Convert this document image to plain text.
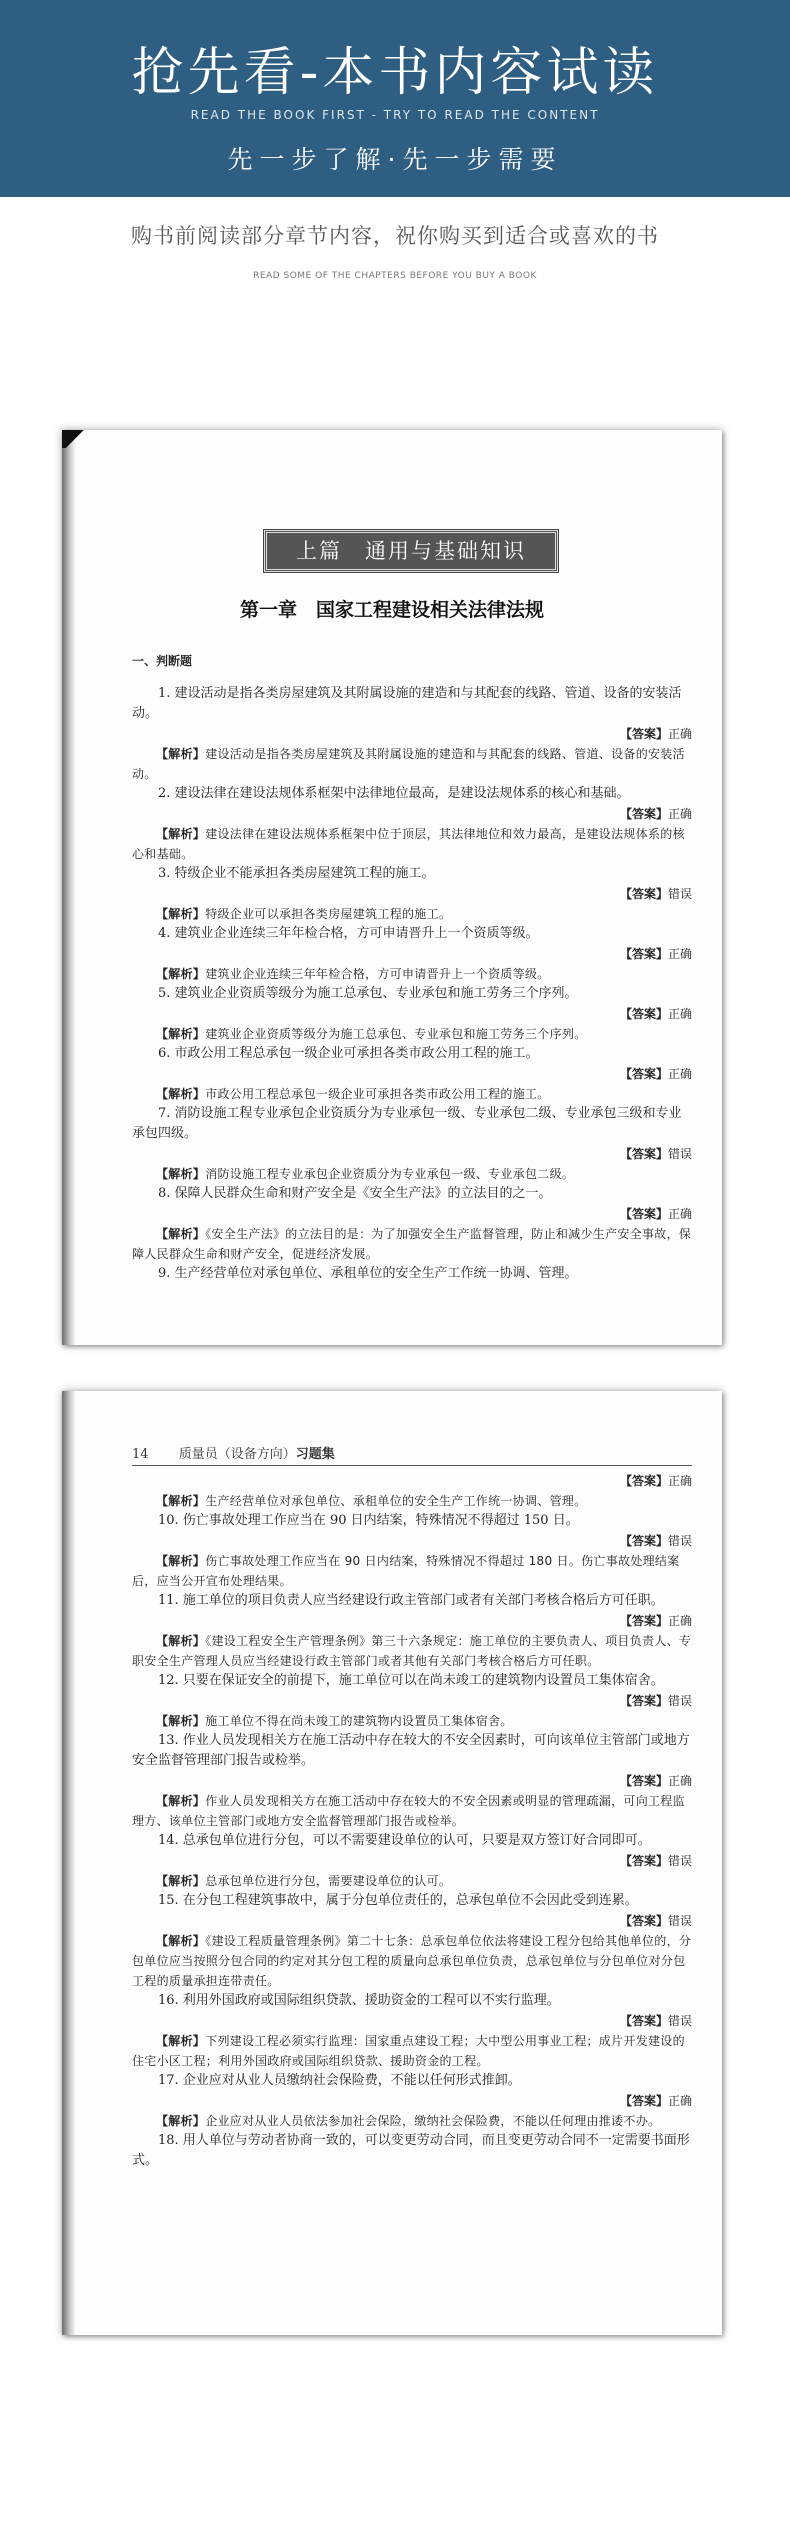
抢先看-本书内容试读
READ THE BOOK FIRST - TRY TO READ THE CONTENT
先一步了解·先一步需要
购书前阅读部分章节内容，祝你购买到适合或喜欢的书
READ SOME OF THE CHAPTERS BEFORE YOU BUY A BOOK
上篇　通用与基础知识
第一章　国家工程建设相关法律法规
一、判断题

1. 建设活动是指各类房屋建筑及其附属设施的建造和与其配套的线路、管道、设备的安装活动。

【答案】正确

【解析】建设活动是指各类房屋建筑及其附属设施的建造和与其配套的线路、管道、设备的安装活动。

2. 建设法律在建设法规体系框架中法律地位最高，是建设法规体系的核心和基础。

【答案】正确

【解析】建设法律在建设法规体系框架中位于顶层，其法律地位和效力最高，是建设法规体系的核心和基础。

3. 特级企业不能承担各类房屋建筑工程的施工。

【答案】错误

【解析】特级企业可以承担各类房屋建筑工程的施工。

4. 建筑业企业连续三年年检合格，方可申请晋升上一个资质等级。

【答案】正确

【解析】建筑业企业连续三年年检合格，方可申请晋升上一个资质等级。

5. 建筑业企业资质等级分为施工总承包、专业承包和施工劳务三个序列。

【答案】正确

【解析】建筑业企业资质等级分为施工总承包、专业承包和施工劳务三个序列。

6. 市政公用工程总承包一级企业可承担各类市政公用工程的施工。

【答案】正确

【解析】市政公用工程总承包一级企业可承担各类市政公用工程的施工。

7. 消防设施工程专业承包企业资质分为专业承包一级、专业承包二级、专业承包三级和专业承包四级。

【答案】错误

【解析】消防设施工程专业承包企业资质分为专业承包一级、专业承包二级。

8. 保障人民群众生命和财产安全是《安全生产法》的立法目的之一。

【答案】正确

【解析】《安全生产法》的立法目的是：为了加强安全生产监督管理，防止和减少生产安全事故，保障人民群众生命和财产安全，促进经济发展。

9. 生产经营单位对承包单位、承租单位的安全生产工作统一协调、管理。

14 质量员（设备方向）习题集

【答案】正确

【解析】生产经营单位对承包单位、承租单位的安全生产工作统一协调、管理。

10. 伤亡事故处理工作应当在 90 日内结案，特殊情况不得超过 150 日。

【答案】错误

【解析】伤亡事故处理工作应当在 90 日内结案，特殊情况不得超过 180 日。伤亡事故处理结案后，应当公开宣布处理结果。

11. 施工单位的项目负责人应当经建设行政主管部门或者有关部门考核合格后方可任职。

【答案】正确

【解析】《建设工程安全生产管理条例》第三十六条规定：施工单位的主要负责人、项目负责人、专职安全生产管理人员应当经建设行政主管部门或者其他有关部门考核合格后方可任职。

12. 只要在保证安全的前提下，施工单位可以在尚未竣工的建筑物内设置员工集体宿舍。

【答案】错误

【解析】施工单位不得在尚未竣工的建筑物内设置员工集体宿舍。

13. 作业人员发现相关方在施工活动中存在较大的不安全因素时，可向该单位主管部门或地方安全监督管理部门报告或检举。

【答案】正确

【解析】作业人员发现相关方在施工活动中存在较大的不安全因素或明显的管理疏漏，可向工程监理方、该单位主管部门或地方安全监督管理部门报告或检举。

14. 总承包单位进行分包，可以不需要建设单位的认可，只要是双方签订好合同即可。

【答案】错误

【解析】总承包单位进行分包，需要建设单位的认可。

15. 在分包工程建筑事故中，属于分包单位责任的，总承包单位不会因此受到连累。

【答案】错误

【解析】《建设工程质量管理条例》第二十七条：总承包单位依法将建设工程分包给其他单位的，分包单位应当按照分包合同的约定对其分包工程的质量向总承包单位负责，总承包单位与分包单位对分包工程的质量承担连带责任。

16. 利用外国政府或国际组织贷款、援助资金的工程可以不实行监理。

【答案】错误

【解析】下列建设工程必须实行监理：国家重点建设工程；大中型公用事业工程；成片开发建设的住宅小区工程；利用外国政府或国际组织贷款、援助资金的工程。

17. 企业应对从业人员缴纳社会保险费，不能以任何形式推卸。

【答案】正确

【解析】企业应对从业人员依法参加社会保险，缴纳社会保险费，不能以任何理由推诿不办。

18. 用人单位与劳动者协商一致的，可以变更劳动合同，而且变更劳动合同不一定需要书面形式。
